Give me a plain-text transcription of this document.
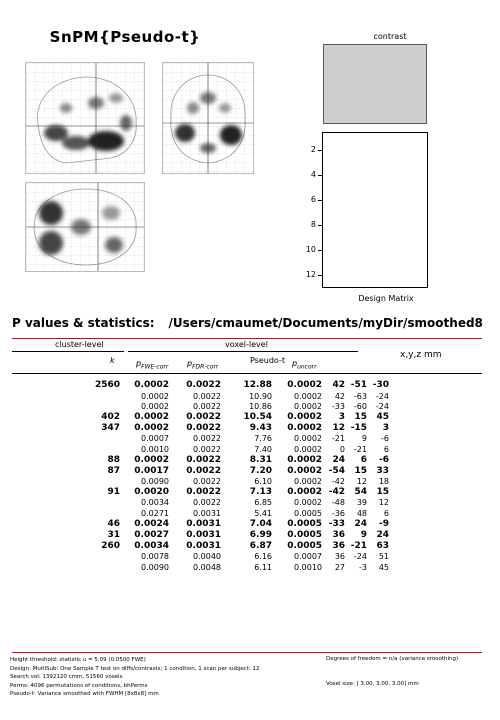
SnPM{Pseudo-t}	contrast
2
4
6
8
10
12
Design Matrix
P values & statistics: /Users/cmaumet/Documents/myDir/smoothed8
cluster-level	voxel-level
k	$p_{FWE-corr}$ $p_{FDR-corr}$
Pseudo-t $p_{uncorr}$
x,y,z mm
2560	0.0002	0.0022	12.88	0.0002	42	-51	-30
	0.0002	0.0022	10.90	0.0002	42	-63	-24
	0.0002	0.0022	10.86	0.0002	-33	-60	-24
402	0.0002	0.0022	10.54	0.0002	3	15	45
347	0.0002	0.0022	9.43	0.0002	12	-15	3
	0.0007	0.0022	7.76	0.0002	-21	9	-6
	0.0010	0.0022	7.40	0.0002	0	-21	6
88	0.0002	0.0022	8.31	0.0002	24	6	-6
87	0.0017	0.0022	7.20	0.0002	-54	15	33
	0.0090	0.0022	6.10	0.0002	-42	12	18
91	0.0020	0.0022	7.13	0.0002	-42	54	15
	0.0034	0.0022	6.85	0.0002	-48	39	12
	0.0271	0.0031	5.41	0.0005	-36	48	6
46	0.0024	0.0031	7.04	0.0005	-33	24	-9
31	0.0027	0.0031	6.99	0.0005	36	9	24
260	0.0034	0.0031	6.87	0.0005	36	-21	63
	0.0078	0.0040	6.16	0.0007	36	-24	51
	0.0090	0.0048	6.11	0.0010	27	-3	45
Height threshold: statistic u = 5.09 (0.0500 FWE)
Design: MultiSub: One Sample T test on diffs/contrasts; 1 condition, 1 scan per subject: 12
Search vol: 1392120 cmm, 51560 voxels
Perms: 4096 permutations of conditions, bhPerms
Pseudo-t: Variance smoothed with FWHM [8x8x8] mm
Degrees of freedom = n/a (variance smoothing)
Voxel size: [ 3.00, 3.00, 3.00] mm
